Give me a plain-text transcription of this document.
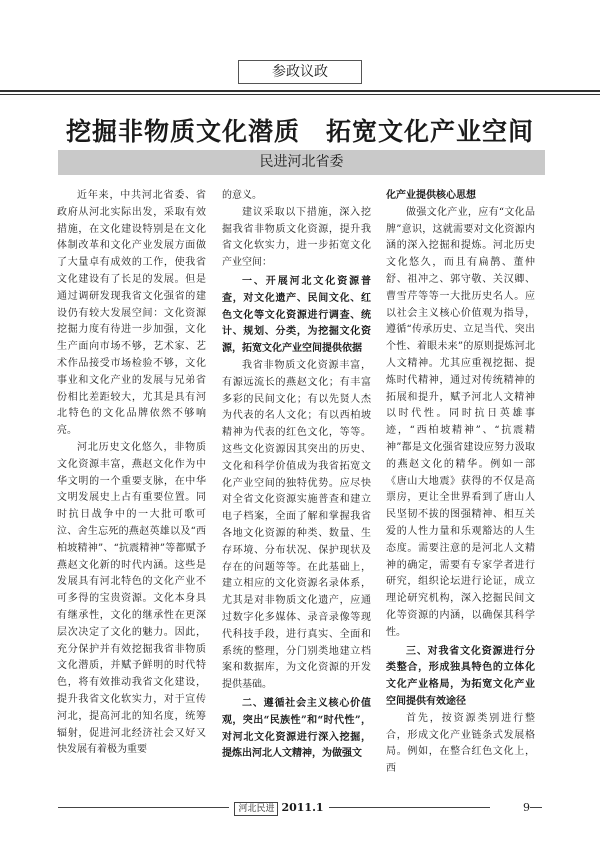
参政议政
挖掘非物质文化潜质　拓宽文化产业空间
民进河北省委

近年来，中共河北省委、省政府从河北实际出发，采取有效措施，在文化建设特别是在文化体制改革和文化产业发展方面做了大量卓有成效的工作，使我省文化建设有了长足的发展。但是通过调研发现我省文化强省的建设仍有较大发展空间：文化资源挖掘力度有待进一步加强，文化生产面向市场不够，艺术家、艺术作品接受市场检验不够，文化事业和文化产业的发展与兄弟省份相比差距较大，尤其是具有河北特色的文化品牌依然不够响亮。

河北历史文化悠久，非物质文化资源丰富，燕赵文化作为中华文明的一个重要支脉，在中华文明发展史上占有重要位置。同时抗日战争中的一大批可歌可泣、舍生忘死的燕赵英雄以及“西柏坡精神”、“抗震精神”等都赋予燕赵文化新的时代内涵。这些是发展具有河北特色的文化产业不可多得的宝贵资源。文化本身具有继承性，文化的继承性在更深层次决定了文化的魅力。因此，充分保护并有效挖掘我省非物质文化潜质，并赋予鲜明的时代特色，将有效推动我省文化建设，提升我省文化软实力，对于宣传河北，提高河北的知名度，统筹辐射，促进河北经济社会又好又快发展有着极为重要

的意义。

建议采取以下措施，深入挖掘我省非物质文化资源，提升我省文化软实力，进一步拓宽文化产业空间：

一、开展河北文化资源普查，对文化遗产、民间文化、红色文化等文化资源进行调查、统计、规划、分类，为挖掘文化资源，拓宽文化产业空间提供依据

我省非物质文化资源丰富，有源远流长的燕赵文化；有丰富多彩的民间文化；有以先贤人杰为代表的名人文化；有以西柏坡精神为代表的红色文化，等等。这些文化资源因其突出的历史、文化和科学价值成为我省拓宽文化产业空间的独特优势。应尽快对全省文化资源实施普查和建立电子档案，全面了解和掌握我省各地文化资源的种类、数量、生存环境、分布状况、保护现状及存在的问题等等。在此基础上，建立相应的文化资源名录体系，尤其是对非物质文化遗产，应通过数字化多媒体、录音录像等现代科技手段，进行真实、全面和系统的整理，分门别类地建立档案和数据库，为文化资源的开发提供基础。

二、遵循社会主义核心价值观，突出“民族性”和“时代性”，对河北文化资源进行深入挖掘，提炼出河北人文精神，为做强文

化产业提供核心思想

做强文化产业，应有“文化品牌”意识，这就需要对文化资源内涵的深入挖掘和提炼。河北历史文化悠久，而且有扁鹊、董仲舒、祖冲之、郭守敬、关汉卿、曹雪芹等等一大批历史名人。应以社会主义核心价值观为指导，遵循“传承历史、立足当代、突出个性、着眼未来”的原则提炼河北人文精神。尤其应重视挖掘、提炼时代精神，通过对传统精神的拓展和提升，赋予河北人文精神以时代性。同时抗日英雄事迹，“西柏坡精神”、“抗震精神”都是文化强省建设应努力汲取的燕赵文化的精华。例如一部《唐山大地震》获得的不仅是高票房，更让全世界看到了唐山人民坚韧不拔的图强精神、相互关爱的人性力量和乐观豁达的人生态度。需要注意的是河北人文精神的确定，需要有专家学者进行研究，组织论坛进行论证，成立理论研究机构，深入挖掘民间文化等资源的内涵，以确保其科学性。

三、对我省文化资源进行分类整合，形成独具特色的立体化文化产业格局，为拓宽文化产业空间提供有效途径

首先，按资源类别进行整合，形成文化产业链条式发展格局。例如，在整合红色文化上，西

河北民进 2011.1	9
